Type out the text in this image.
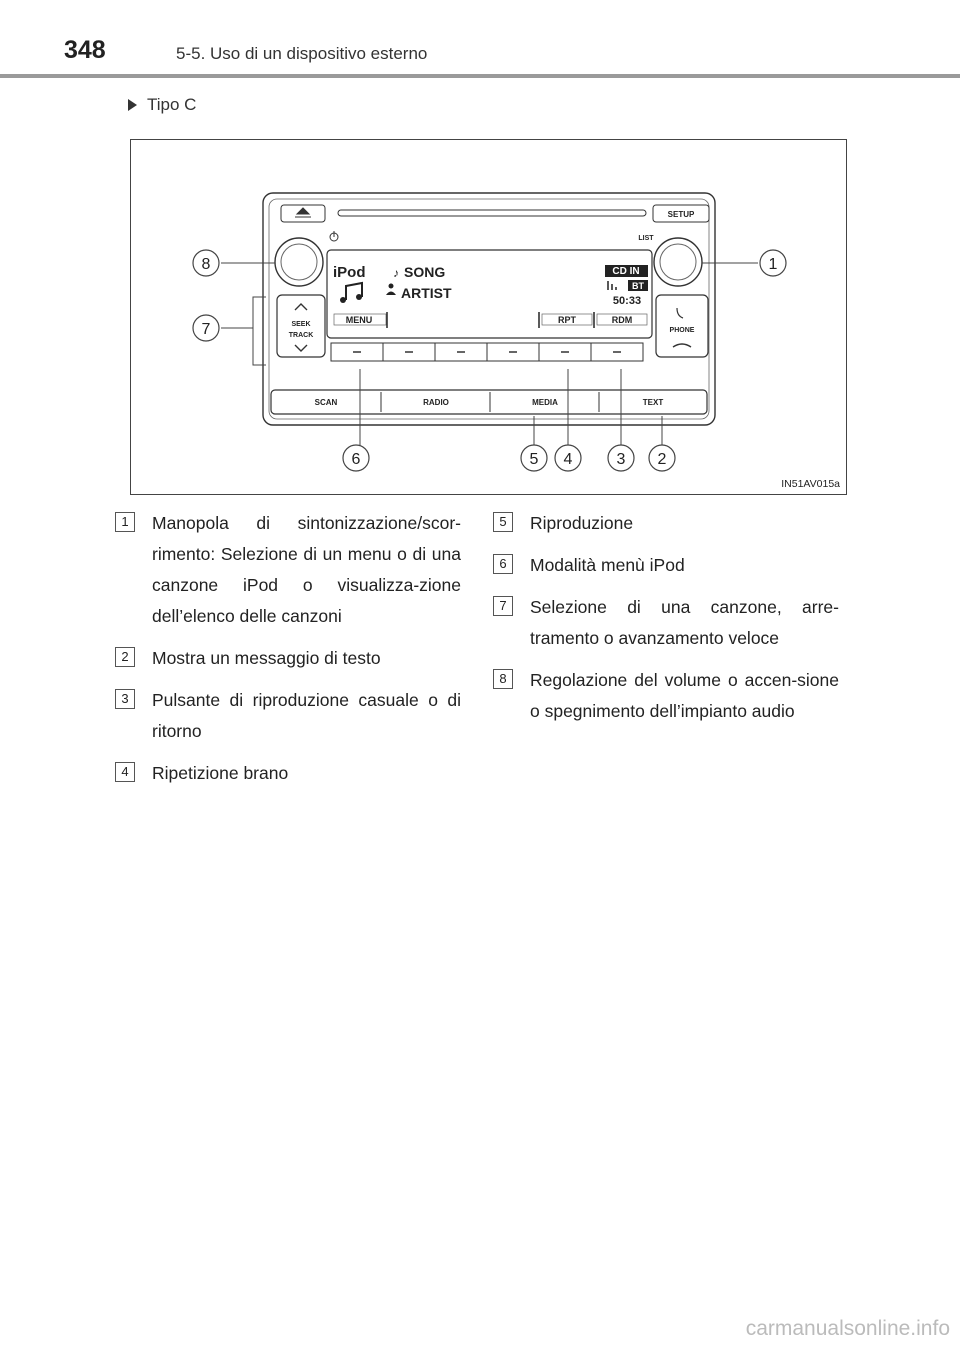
348	5-5. Uso di un dispositivo esterno
Tipo C
SETUP
LIST
iPod ♪ SONG
ARTIST
CD IN
BT
50:33
MENU	RPT	RDM
SEEK
TRACK
PHONE
SCAN	RADIO	MEDIA	TEXT
1
8
7
6	5 4	3 2
IN51AV015a
1	Manopola di sintonizzazione/scor-rimento: Selezione di un menu o di una canzone iPod o visualizza-zione dell’elenco delle canzoni
2	Mostra un messaggio di testo
3	Pulsante di riproduzione casuale o di ritorno
4	Ripetizione brano
5	Riproduzione
6	Modalità menù iPod
7	Selezione di una canzone, arre-tramento o avanzamento veloce
8	Regolazione del volume o accen-sione o spegnimento dell’impianto audio
carmanualsonline.info
